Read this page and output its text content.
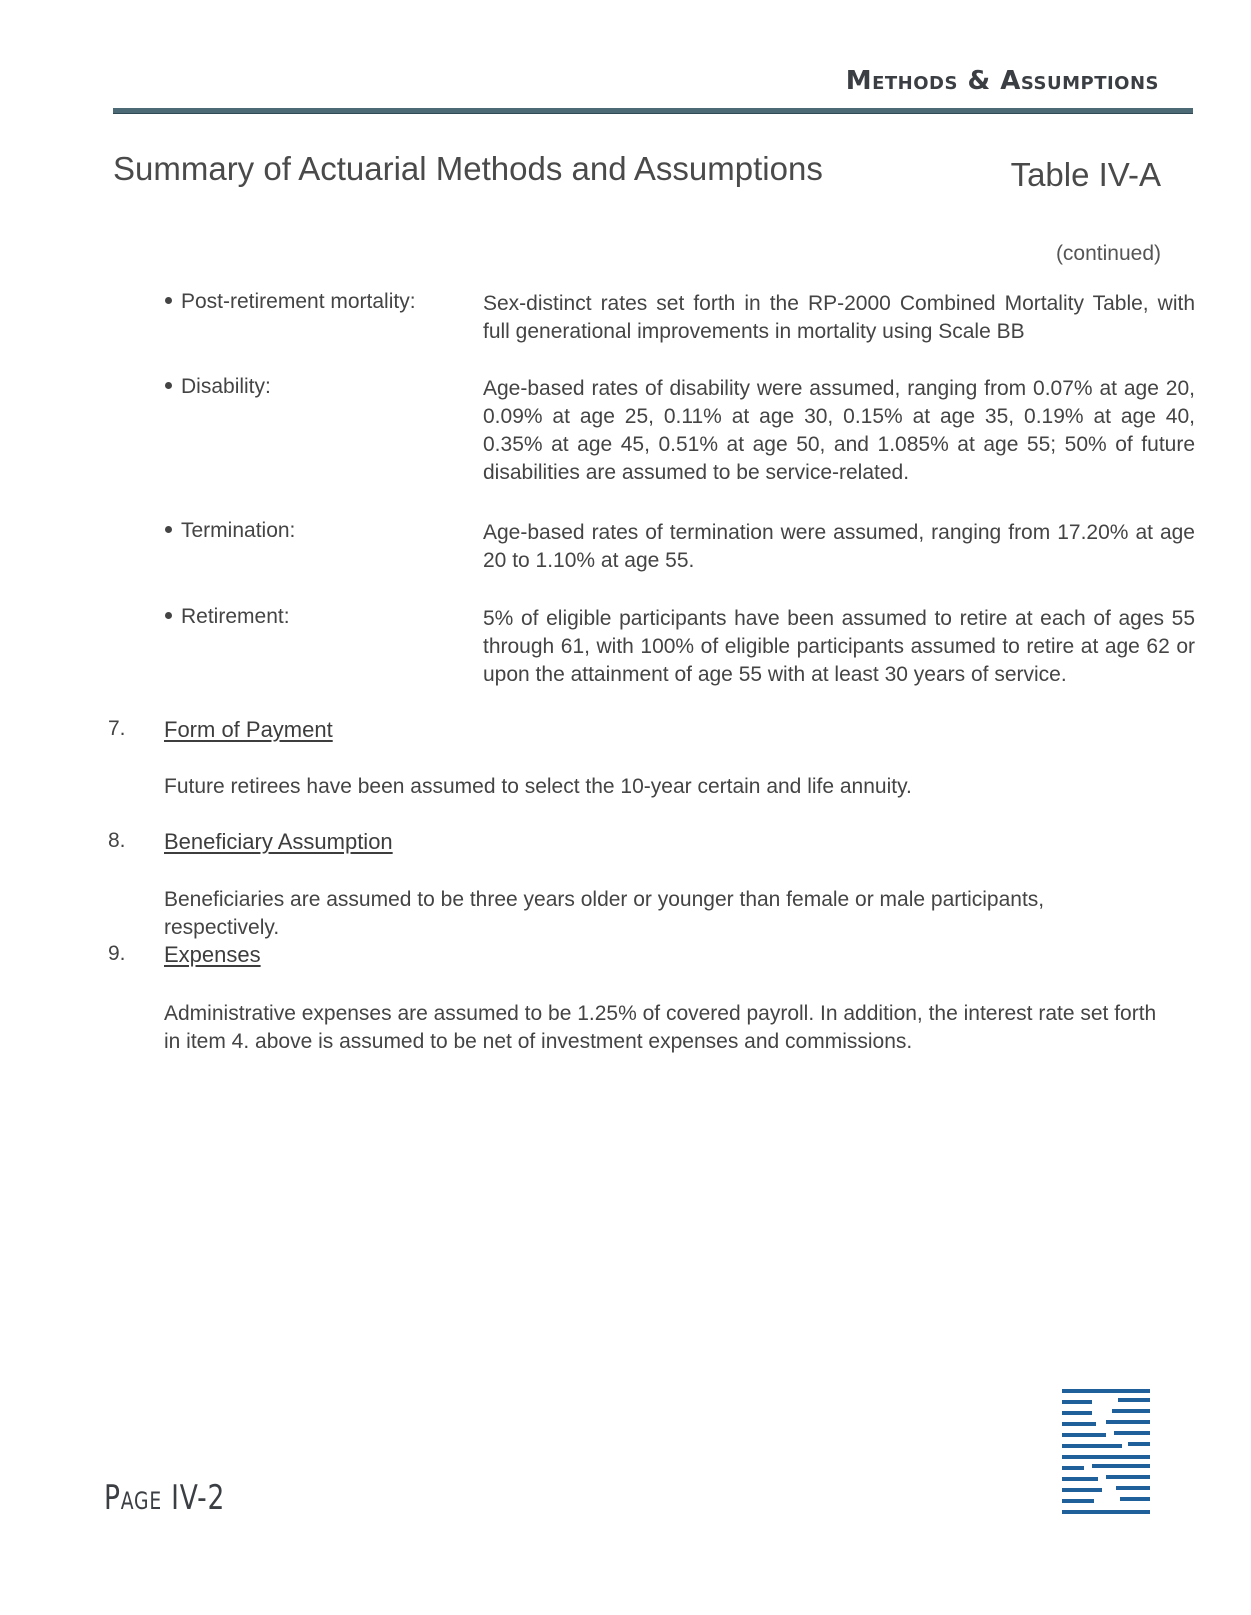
Methods & Assumptions
Summary of Actuarial Methods and Assumptions	Table IV-A
(continued)
Post-retirement mortality:	Sex-distinct rates set forth in the RP-2000 Combined Mortality Table, with full generational improvements in mortality using Scale BB
Disability:	Age-based rates of disability were assumed, ranging from 0.07% at age 20, 0.09% at age 25, 0.11% at age 30, 0.15% at age 35, 0.19% at age 40, 0.35% at age 45, 0.51% at age 50, and 1.085% at age 55; 50% of future disabilities are assumed to be service-related.
Termination:	Age-based rates of termination were assumed, ranging from 17.20% at age 20 to 1.10% at age 55.
Retirement:	5% of eligible participants have been assumed to retire at each of ages 55 through 61, with 100% of eligible participants assumed to retire at age 62 or upon the attainment of age 55 with at least 30 years of service.
7. Form of Payment
Future retirees have been assumed to select the 10-year certain and life annuity.
8. Beneficiary Assumption
Beneficiaries are assumed to be three years older or younger than female or male participants, respectively.
9. Expenses
Administrative expenses are assumed to be 1.25% of covered payroll. In addition, the interest rate set forth in item 4. above is assumed to be net of investment expenses and commissions.
Page IV-2
